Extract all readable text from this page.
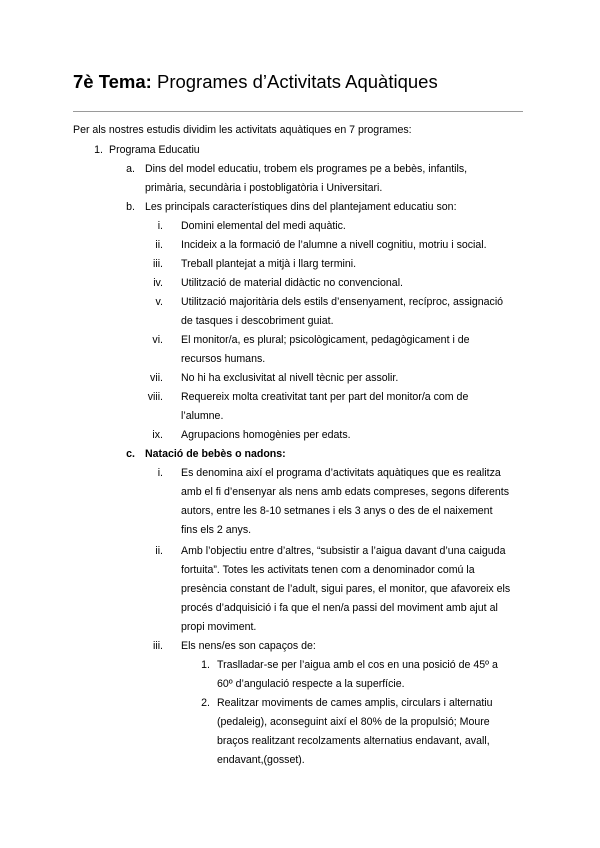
7è Tema: Programes d’Activitats Aquàtiques
Per als nostres estudis dividim les activitats aquàtiques en 7 programes:
1. Programa Educatiu
a. Dins del model educatiu, trobem els programes pe a bebès, infantils,
primària, secundària i postobligatòria i Universitari.
b. Les principals característiques dins del plantejament educatiu son:
i. Domini elemental del medi aquàtic.
ii. Incideix a la formació de l’alumne a nivell cognitiu, motriu i social.
iii. Treball plantejat a mitjà i llarg termini.
iv. Utilització de material didàctic no convencional.
v. Utilització majoritària dels estils d’ensenyament, recíproc, assignació
de tasques i descobriment guiat.
vi. El monitor/a, es plural; psicològicament, pedagògicament i de
recursos humans.
vii. No hi ha exclusivitat al nivell tècnic per assolir.
viii. Requereix molta creativitat tant per part del monitor/a com de
l’alumne.
ix. Agrupacions homogènies per edats.
c. Natació de bebès o nadons:
i. Es denomina així el programa d’activitats aquàtiques que es realitza
amb el fi d’ensenyar als nens amb edats compreses, segons diferents
autors, entre les 8-10 setmanes i els 3 anys o des de el naixement
fins els 2 anys.
ii. Amb l’objectiu entre d’altres, “subsistir a l’aigua davant d’una caiguda
fortuita”. Totes les activitats tenen com a denominador comú la
presència constant de l’adult, sigui pares, el monitor, que afavoreix els
procés d’adquisició i fa que el nen/a passi del moviment amb ajut al
propi moviment.
iii. Els nens/es son capaços de:
1. Traslladar-se per l’aigua amb el cos en una posició de 45º a
60º d’angulació respecte a la superfície.
2. Realitzar moviments de cames amplis, circulars i alternatiu
(pedaleig), aconseguint així el 80% de la propulsió; Moure
braços realitzant recolzaments alternatius endavant, avall,
endavant,(gosset).
